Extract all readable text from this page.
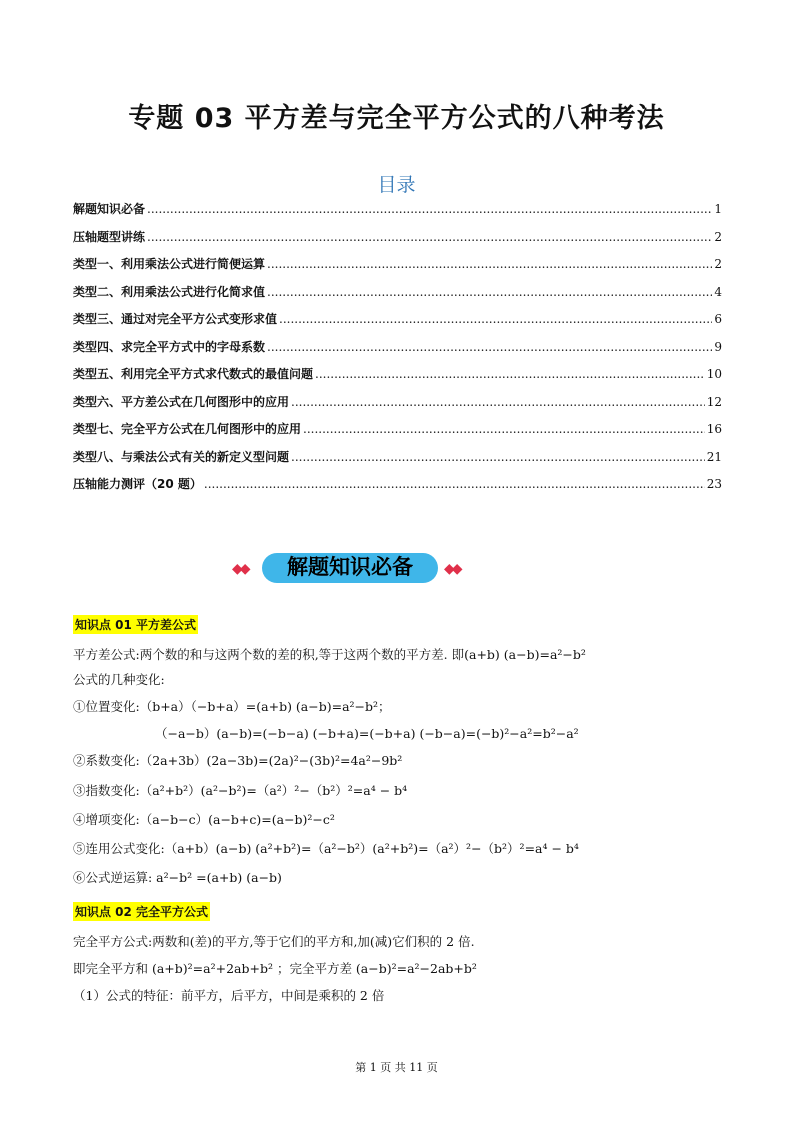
专题 03 平方差与完全平方公式的八种考法
目录
解题知识必备 .....	1
压轴题型讲练 .....	2
类型一、利用乘法公式进行简便运算 .....	2
类型二、利用乘法公式进行化简求值 .....	4
类型三、通过对完全平方公式变形求值 .....	6
类型四、求完全平方式中的字母系数 .....	9
类型五、利用完全平方式求代数式的最值问题 .....	10
类型六、平方差公式在几何图形中的应用 .....	12
类型七、完全平方公式在几何图形中的应用 .....	16
类型八、与乘法公式有关的新定义型问题 .....	21
压轴能力测评（20 题） .....	23
◆◆	解题知识必备	◆◆
知识点 01 平方差公式
平方差公式:两个数的和与这两个数的差的积,等于这两个数的平方差. 即(a+b) (a−b)=a²−b²
公式的几种变化:
①位置变化:（b+a）（−b+a）=(a+b) (a−b)=a²−b²；
（−a−b）(a−b)=(−b−a) (−b+a)=(−b+a) (−b−a)=(−b)²−a²=b²−a²
②系数变化:（2a+3b）(2a−3b)=(2a)²−(3b)²=4a²−9b²
③指数变化:（a²+b²）(a²−b²)=（a²）²−（b²）²=a⁴ − b⁴
④增项变化:（a−b−c）(a−b+c)=(a−b)²−c²
⑤连用公式变化:（a+b）(a−b) (a²+b²)=（a²−b²）(a²+b²)=（a²）²−（b²）²=a⁴ − b⁴
⑥公式逆运算: a²−b² =(a+b) (a−b)
知识点 02 完全平方公式
完全平方公式:两数和(差)的平方,等于它们的平方和,加(减)它们积的 2 倍.
即完全平方和 (a+b)²=a²+2ab+b² ；完全平方差 (a−b)²=a²−2ab+b²
（1）公式的特征：前平方，后平方，中间是乘积的 2 倍
第 1 页 共 11 页
